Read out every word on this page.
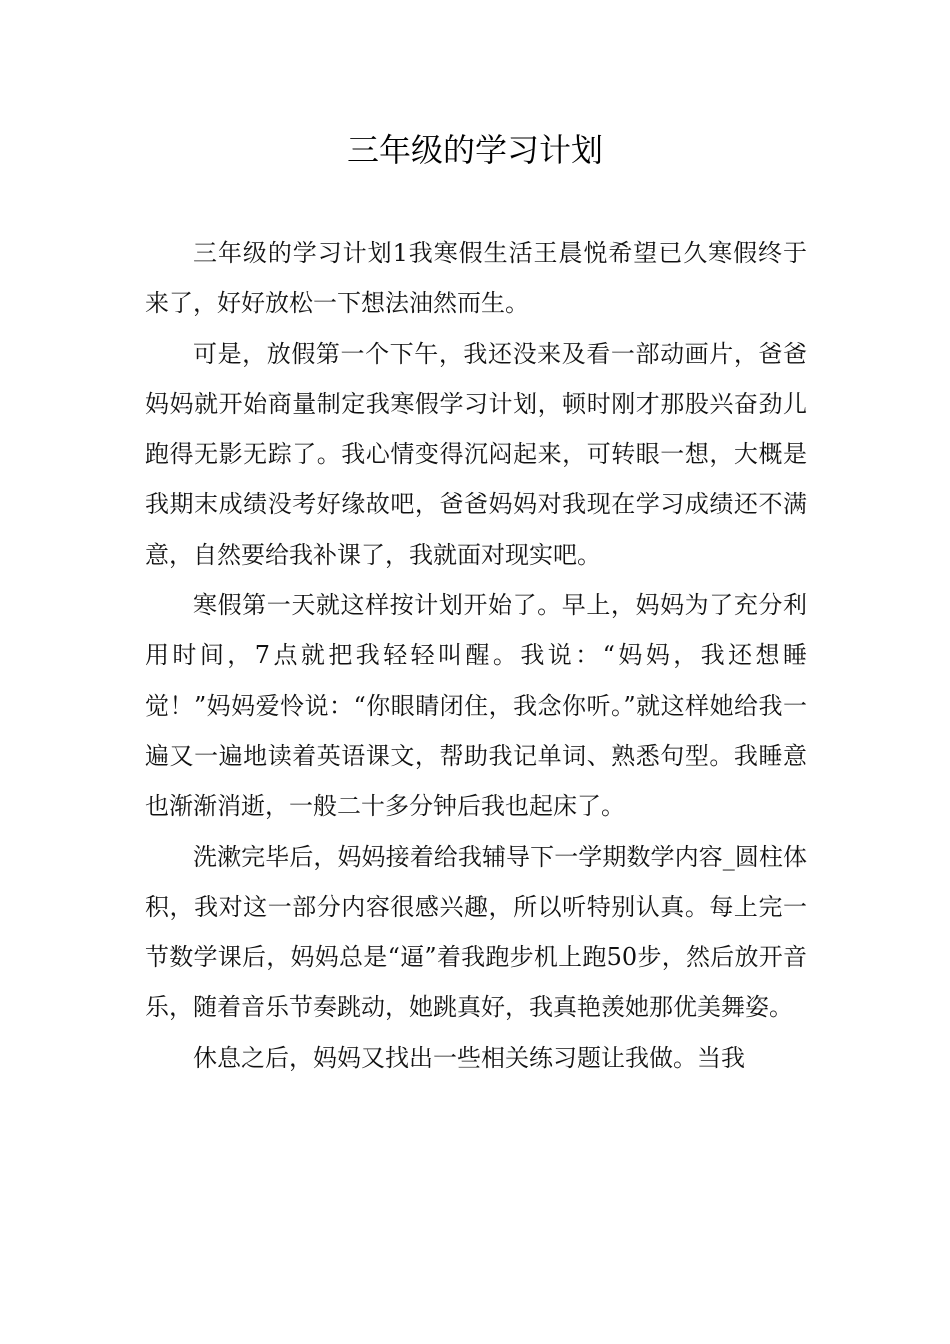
三年级的学习计划

三年级的学习计划1我寒假生活王晨悦希望已久寒假终于来了，好好放松一下想法油然而生。

可是，放假第一个下午，我还没来及看一部动画片，爸爸妈妈就开始商量制定我寒假学习计划，顿时刚才那股兴奋劲儿跑得无影无踪了。我心情变得沉闷起来，可转眼一想，大概是我期末成绩没考好缘故吧，爸爸妈妈对我现在学习成绩还不满意，自然要给我补课了，我就面对现实吧。

寒假第一天就这样按计划开始了。早上，妈妈为了充分利用时间，7点就把我轻轻叫醒。我说：“妈妈，我还想睡觉！”妈妈爱怜说：“你眼睛闭住，我念你听。”就这样她给我一遍又一遍地读着英语课文，帮助我记单词、熟悉句型。我睡意也渐渐消逝，一般二十多分钟后我也起床了。

洗漱完毕后，妈妈接着给我辅导下一学期数学内容_圆柱体积，我对这一部分内容很感兴趣，所以听特别认真。每上完一节数学课后，妈妈总是“逼”着我跑步机上跑50步，然后放开音乐，随着音乐节奏跳动，她跳真好，我真艳羡她那优美舞姿。

休息之后，妈妈又找出一些相关练习题让我做。当我
